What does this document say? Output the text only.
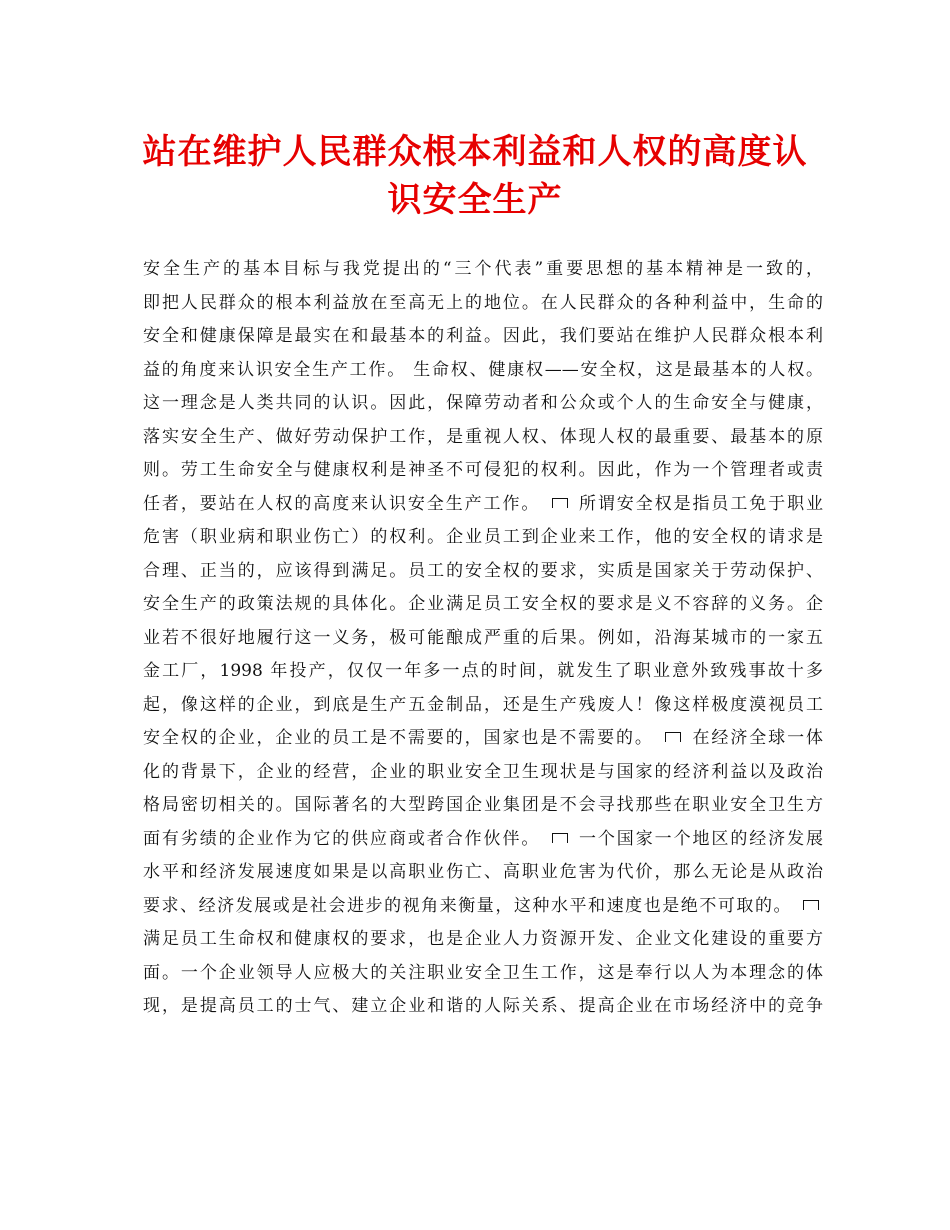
站在维护人民群众根本利益和人权的高度认
识安全生产
安全生产的基本目标与我党提出的“三个代表”重要思想的基本精神是一致的，
即把人民群众的根本利益放在至高无上的地位。在人民群众的各种利益中，生命的
安全和健康保障是最实在和最基本的利益。因此，我们要站在维护人民群众根本利
益的角度来认识安全生产工作。 生命权、健康权——安全权，这是最基本的人权。
这一理念是人类共同的认识。因此，保障劳动者和公众或个人的生命安全与健康，
落实安全生产、做好劳动保护工作，是重视人权、体现人权的最重要、最基本的原
则。劳工生命安全与健康权利是神圣不可侵犯的权利。因此，作为一个管理者或责
任者，要站在人权的高度来认识安全生产工作。 所谓安全权是指员工免于职业
危害（职业病和职业伤亡）的权利。企业员工到企业来工作，他的安全权的请求是
合理、正当的，应该得到满足。员工的安全权的要求，实质是国家关于劳动保护、
安全生产的政策法规的具体化。企业满足员工安全权的要求是义不容辞的义务。企
业若不很好地履行这一义务，极可能酿成严重的后果。例如，沿海某城市的一家五
金工厂，1998 年投产，仅仅一年多一点的时间，就发生了职业意外致残事故十多
起，像这样的企业，到底是生产五金制品，还是生产残废人！像这样极度漠视员工
安全权的企业，企业的员工是不需要的，国家也是不需要的。 在经济全球一体
化的背景下，企业的经营，企业的职业安全卫生现状是与国家的经济利益以及政治
格局密切相关的。国际著名的大型跨国企业集团是不会寻找那些在职业安全卫生方
面有劣绩的企业作为它的供应商或者合作伙伴。 一个国家一个地区的经济发展
水平和经济发展速度如果是以高职业伤亡、高职业危害为代价，那么无论是从政治
要求、经济发展或是社会进步的视角来衡量，这种水平和速度也是绝不可取的。
满足员工生命权和健康权的要求，也是企业人力资源开发、企业文化建设的重要方
面。一个企业领导人应极大的关注职业安全卫生工作，这是奉行以人为本理念的体
现，是提高员工的士气、建立企业和谐的人际关系、提高企业在市场经济中的竞争
